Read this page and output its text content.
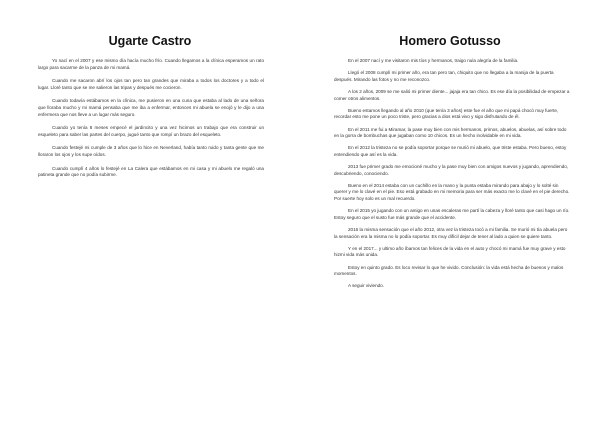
Ugarte Castro

Yo nací en el 2007 y ese mismo día hacía mucho frío. Cuando llegamos a la clínica esperamos un rato largo para sacarme de la panza de mi mamá.

Cuando me sacaron abrí los ojos tan pero tan grandes que miraba a todos los doctores y a todo el lugar. Lloré tanto que se me salieron las tripas y después me cocieron.

Cuando todavía estábamos en la clínica, me pusieron en una cuna que estaba al lado de una señora que lloraba mucho y mi mamá pensaba que me iba a enfermar, entonces mi abuela se enojó y le dijo a una enfermera que nos lleve a un lugar más seguro.

Cuando yo tenía 8 meses empecé el jardincito y una vez hicimos un trabajo que era construir un esqueleto para saber las partes del cuerpo, jugué tanto que rompí un brazo del esqueleto.

Cuando festejé mi cumple de 3 años que lo hice en Neverland, había tanto ruido y tanta gente que me lloraron los ojos y los supe oídos.

Cuando cumplí 4 años lo festejé en La Calera que estábamos en mi casa y mi abuelo me regaló una patineta grande que no podía subirme.

Homero Gotusso

En el 2007 nací y me visitaron mis tíos y hermanos, traigo nula alegría de la familia.

Llegó el 2008 cumplí mi primer año, era tan pero tan, chiquito que no llegaba a la manija de la puerta después. Mirando las fotos y no me reconozco.

A los 2 años, 2009 se me salió mi primer diente... jajaja era tan chico. Es ese día la posibilidad de empezar a comer otros alimentos.

Bueno estamos llegando al año 2010 (que tenía 3 años) este fue el año que mi papá chocó muy fuerte, recordar esto me pone un poco triste, pero gracias a dios está vivo y sigo disfrutando de él.

En el 2011 me fui a Miramar, la pase muy bien con mis hermanos, primos, abuelos, abuelas, así sobre todo en la gorra de bombuchas que jugaban como 10 chicos. Es un hecho inolvidable en mi vida.

En el 2012 la tristeza no se podía soportar porque se murió mi abuelo, que triste estaba. Pero bueno, estoy entendiendo que así es la vida.

2013 fue primer grado me emocioné mucho y la pase muy bien con amigos nuevos y jugando, aprendiendo, descubriendo, conociendo.

Bueno en el 2014 estaba con un cuchillo en la mano y la punta estaba mirando para abajo y lo solté sin querer y me lo clavé en el pie. Eso está grabado en mi memoria para ser más exacto me lo clavé en el pie derecho. Por suerte hoy solo es un mal recuerdo.

En el 2015 yo jugando con un amigo en unas escaleras me partí la cabeza y lloré tanto que casi hago un río. Estoy seguro que el susto fue más grande que el accidente.

2016 la misma sensación que el año 2012, otra vez la tristeza tocó a mi familia. Se murió mi tía abuela pero la sensación era la misma no lo podía soportar. Es muy difícil dejar de tener al lado a quien se quiere tanto.

Y en el 2017... y ultimo año íbamos tan felices de la vida en el auto y chocó mi mamá fue muy grave y esto hizmi vida más unida.

Estoy en quinto grado. Es loco revisar lo que he vivido. Conclusión: la vida está hecha de buenos y malos momentos.

A seguir viviendo.
